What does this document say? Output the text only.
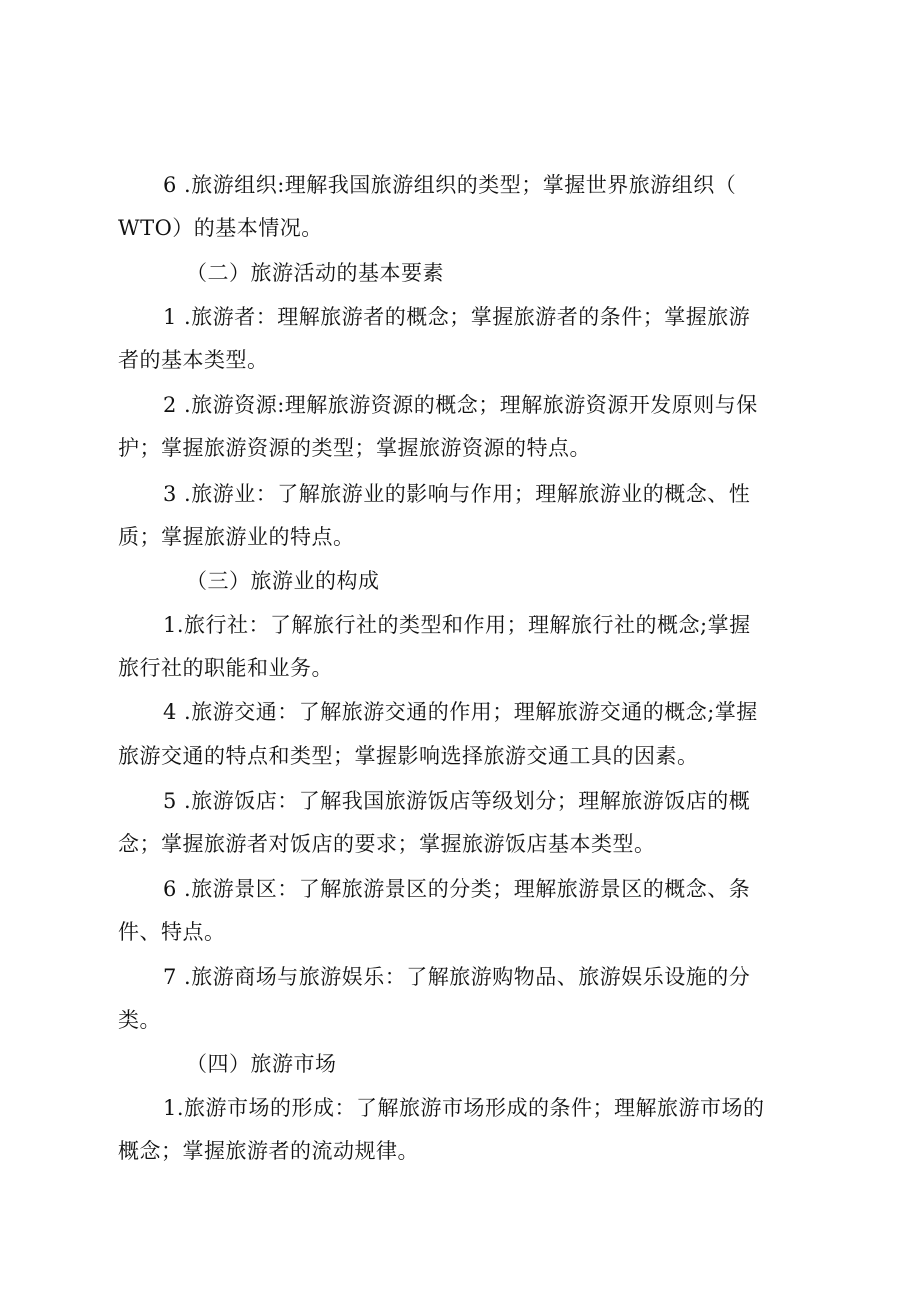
6 .旅游组织:理解我国旅游组织的类型；掌握世界旅游组织（
WTO）的基本情况。
（二）旅游活动的基本要素
1 .旅游者：理解旅游者的概念；掌握旅游者的条件；掌握旅游
者的基本类型。
2 .旅游资源:理解旅游资源的概念；理解旅游资源开发原则与保
护；掌握旅游资源的类型；掌握旅游资源的特点。
3 .旅游业：了解旅游业的影响与作用；理解旅游业的概念、性
质；掌握旅游业的特点。
（三）旅游业的构成
1.旅行社：了解旅行社的类型和作用；理解旅行社的概念;掌握
旅行社的职能和业务。
4 .旅游交通：了解旅游交通的作用；理解旅游交通的概念;掌握
旅游交通的特点和类型；掌握影响选择旅游交通工具的因素。
5 .旅游饭店：了解我国旅游饭店等级划分；理解旅游饭店的概
念；掌握旅游者对饭店的要求；掌握旅游饭店基本类型。
6 .旅游景区：了解旅游景区的分类；理解旅游景区的概念、条
件、特点。
7 .旅游商场与旅游娱乐：了解旅游购物品、旅游娱乐设施的分
类。
（四）旅游市场
1.旅游市场的形成：了解旅游市场形成的条件；理解旅游市场的
概念；掌握旅游者的流动规律。
